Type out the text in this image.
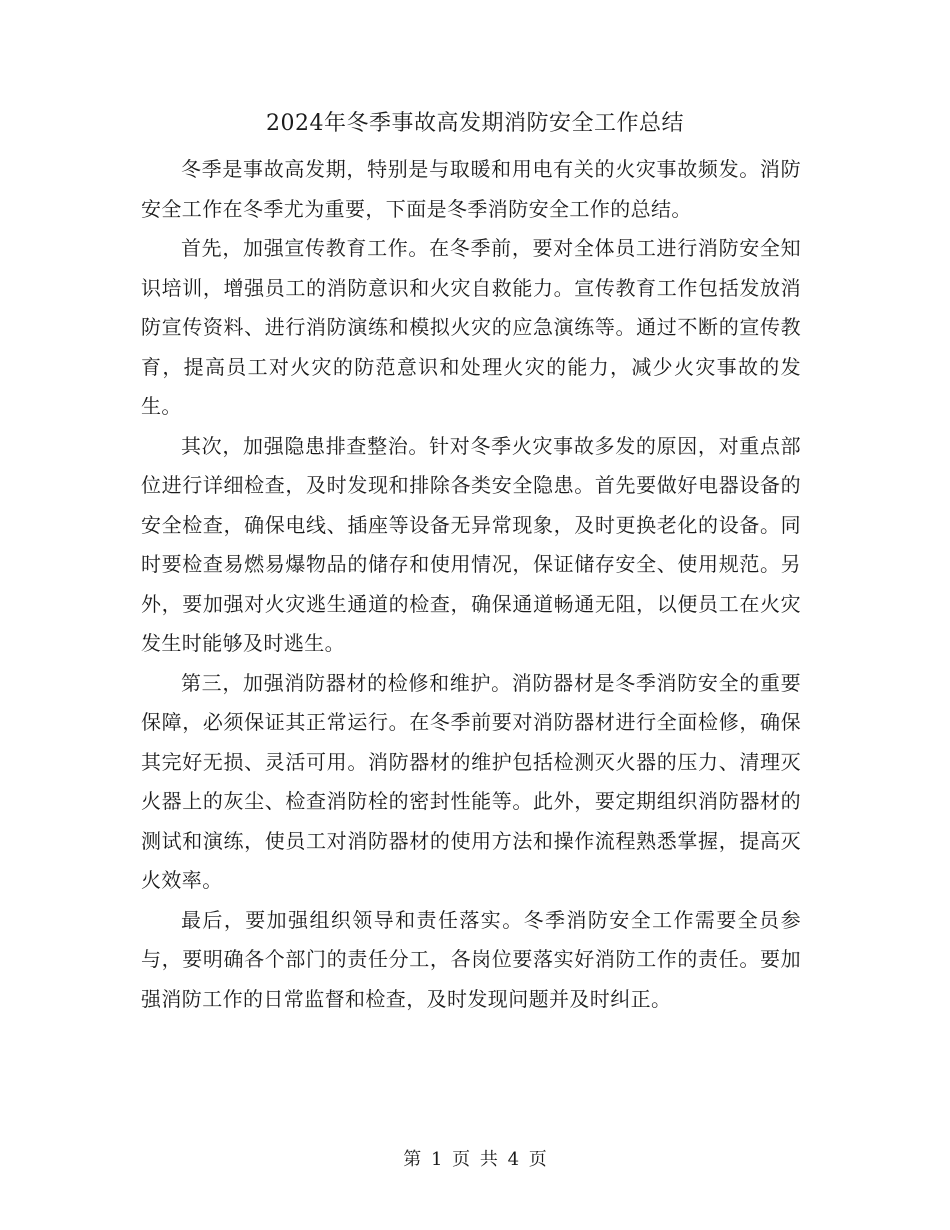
2024年冬季事故高发期消防安全工作总结

冬季是事故高发期，特别是与取暖和用电有关的火灾事故频发。消防安全工作在冬季尤为重要，下面是冬季消防安全工作的总结。

首先，加强宣传教育工作。在冬季前，要对全体员工进行消防安全知识培训，增强员工的消防意识和火灾自救能力。宣传教育工作包括发放消防宣传资料、进行消防演练和模拟火灾的应急演练等。通过不断的宣传教育，提高员工对火灾的防范意识和处理火灾的能力，减少火灾事故的发生。

其次，加强隐患排查整治。针对冬季火灾事故多发的原因，对重点部位进行详细检查，及时发现和排除各类安全隐患。首先要做好电器设备的安全检查，确保电线、插座等设备无异常现象，及时更换老化的设备。同时要检查易燃易爆物品的储存和使用情况，保证储存安全、使用规范。另外，要加强对火灾逃生通道的检查，确保通道畅通无阻，以便员工在火灾发生时能够及时逃生。

第三，加强消防器材的检修和维护。消防器材是冬季消防安全的重要保障，必须保证其正常运行。在冬季前要对消防器材进行全面检修，确保其完好无损、灵活可用。消防器材的维护包括检测灭火器的压力、清理灭火器上的灰尘、检查消防栓的密封性能等。此外，要定期组织消防器材的测试和演练，使员工对消防器材的使用方法和操作流程熟悉掌握，提高灭火效率。

最后，要加强组织领导和责任落实。冬季消防安全工作需要全员参与，要明确各个部门的责任分工，各岗位要落实好消防工作的责任。要加强消防工作的日常监督和检查，及时发现问题并及时纠正。

第 1 页 共 4 页
